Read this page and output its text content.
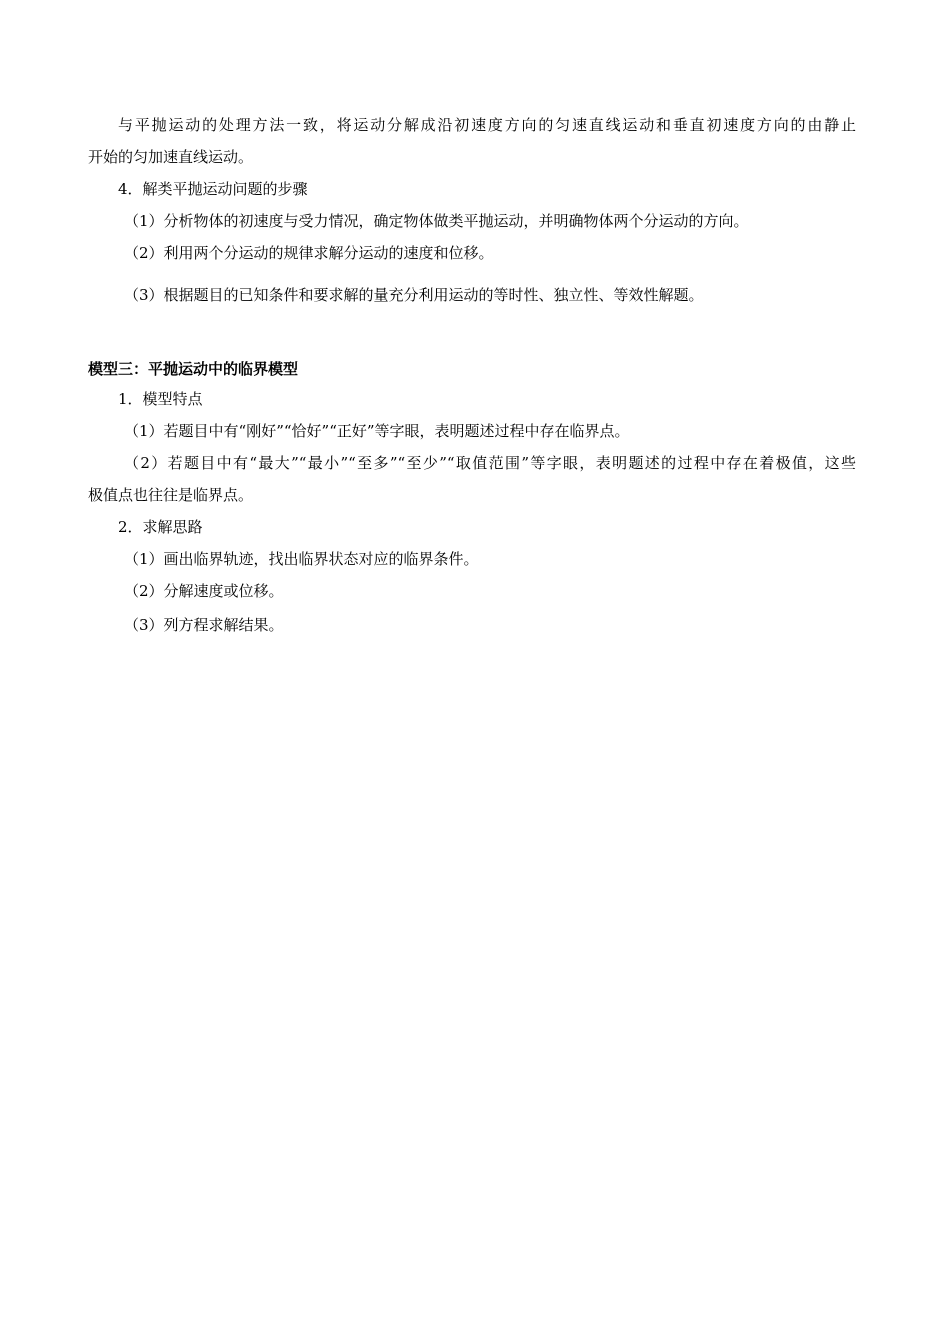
与平抛运动的处理方法一致，将运动分解成沿初速度方向的匀速直线运动和垂直初速度方向的由静止
开始的匀加速直线运动。
4．解类平抛运动问题的步骤
（1）分析物体的初速度与受力情况，确定物体做类平抛运动，并明确物体两个分运动的方向。
（2）利用两个分运动的规律求解分运动的速度和位移。
（3）根据题目的已知条件和要求解的量充分利用运动的等时性、独立性、等效性解题。
模型三：平抛运动中的临界模型
1．模型特点
（1）若题目中有“刚好”“恰好”“正好”等字眼，表明题述过程中存在临界点。
（2）若题目中有“最大”“最小”“至多”“至少”“取值范围”等字眼，表明题述的过程中存在着极值，这些
极值点也往往是临界点。
2．求解思路
（1）画出临界轨迹，找出临界状态对应的临界条件。
（2）分解速度或位移。
（3）列方程求解结果。
